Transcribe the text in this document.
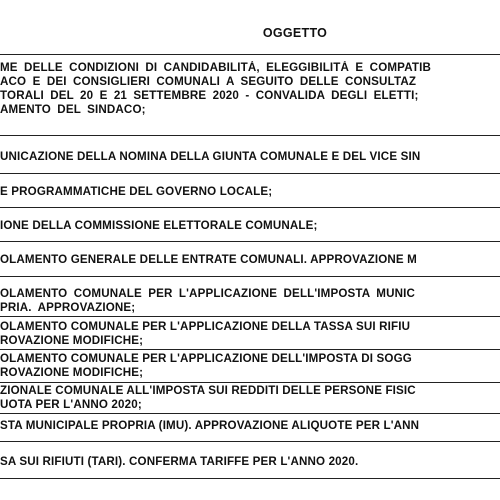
OGGETTO
ME DELLE CONDIZIONI DI CANDIDABILITÀ, ELEGGIBILITÀ E COMPATIB
ACO E DEI CONSIGLIERI COMUNALI A SEGUITO DELLE CONSULTAZ
TORALI DEL 20 E 21 SETTEMBRE 2020 - CONVALIDA DEGLI ELETTI;
AMENTO DEL SINDACO;
UNICAZIONE DELLA NOMINA DELLA GIUNTA COMUNALE E DEL VICE SIN
E PROGRAMMATICHE DEL GOVERNO LOCALE;
IONE DELLA COMMISSIONE ELETTORALE COMUNALE;
OLAMENTO GENERALE DELLE ENTRATE COMUNALI. APPROVAZIONE M
OLAMENTO COMUNALE PER L'APPLICAZIONE DELL'IMPOSTA MUNIC
PRIA. APPROVAZIONE;
OLAMENTO COMUNALE PER L'APPLICAZIONE DELLA TASSA SUI RIFIU
ROVAZIONE MODIFICHE;
OLAMENTO COMUNALE PER L'APPLICAZIONE DELL'IMPOSTA DI SOGG
ROVAZIONE MODIFICHE;
ZIONALE COMUNALE ALL'IMPOSTA SUI REDDITI DELLE PERSONE FISIC
UOTA PER L'ANNO 2020;
STA MUNICIPALE PROPRIA (IMU). APPROVAZIONE ALIQUOTE PER L'ANN
SA SUI RIFIUTI (TARI). CONFERMA TARIFFE PER L'ANNO 2020.
